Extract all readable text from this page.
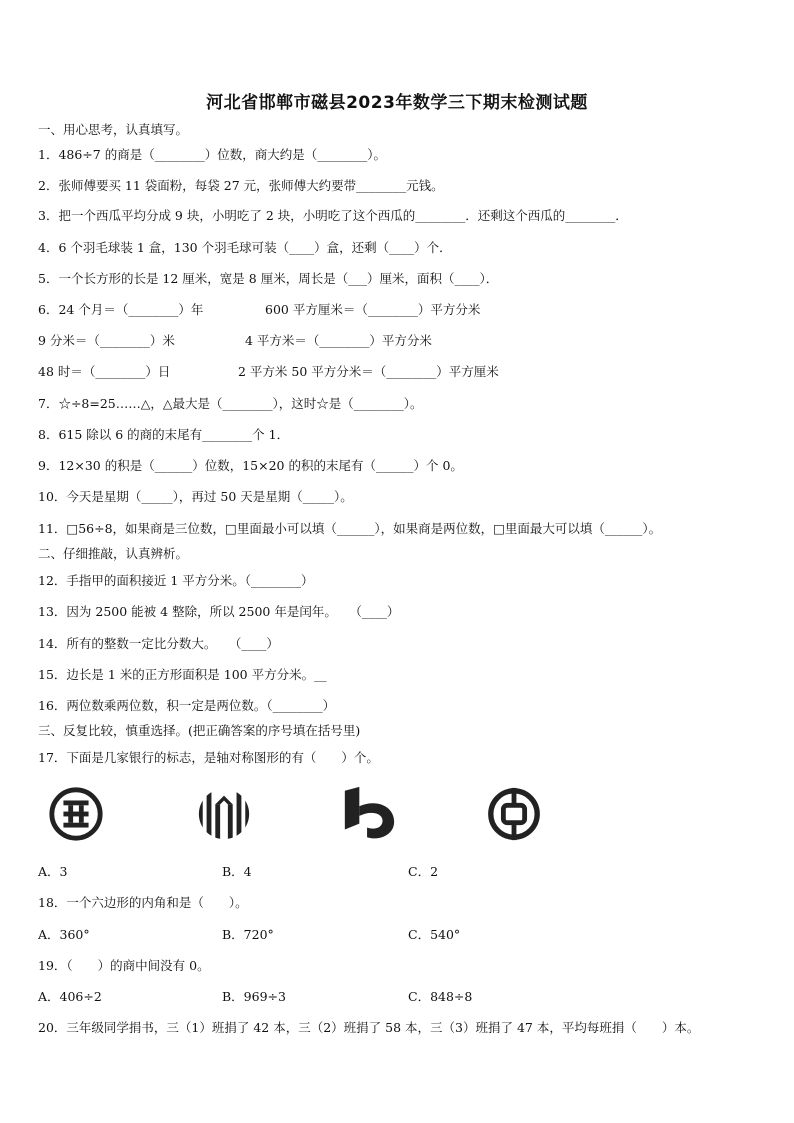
河北省邯郸市磁县2023年数学三下期末检测试题
一、用心思考，认真填写。
1．486÷7 的商是（________）位数，商大约是（________）。
2．张师傅要买 11 袋面粉，每袋 27 元，张师傅大约要带________元钱。
3．把一个西瓜平均分成 9 块，小明吃了 2 块，小明吃了这个西瓜的________．还剩这个西瓜的________．
4．6 个羽毛球装 1 盒，130 个羽毛球可装（____）盒，还剩（____）个．
5．一个长方形的长是 12 厘米，宽是 8 厘米，周长是（___）厘米，面积（____）．
6．24 个月＝（________）年	600 平方厘米＝（________）平方分米
9 分米＝（________）米	4 平方米＝（________）平方分米
48 时＝（________）日	2 平方米 50 平方分米＝（________）平方厘米
7．☆÷8=25……△，△最大是（________），这时☆是（________）。
8．615 除以 6 的商的末尾有________个 1．
9．12×30 的积是（______）位数，15×20 的积的末尾有（______）个 0。
10．今天是星期（_____），再过 50 天是星期（_____）。
11．□56÷8，如果商是三位数，□里面最小可以填（______），如果商是两位数，□里面最大可以填（______）。
二、仔细推敲，认真辨析。
12．手指甲的面积接近 1 平方分米。（________）
13．因为 2500 能被 4 整除，所以 2500 年是闰年。　　（____）
14．所有的整数一定比分数大。　　（____）
15．边长是 1 米的正方形面积是 100 平方分米。__
16．两位数乘两位数，积一定是两位数。（________）
三、反复比较，慎重选择。(把正确答案的序号填在括号里)
17．下面是几家银行的标志，是轴对称图形的有（　　）个。
A．3	B．4	C．2
18．一个六边形的内角和是（　　）。
A．360°	B．720°	C．540°
19．（　　）的商中间没有 0。
A．406÷2	B．969÷3	C．848÷8
20．三年级同学捐书，三（1）班捐了 42 本，三（2）班捐了 58 本，三（3）班捐了 47 本，平均每班捐（　　）本。
